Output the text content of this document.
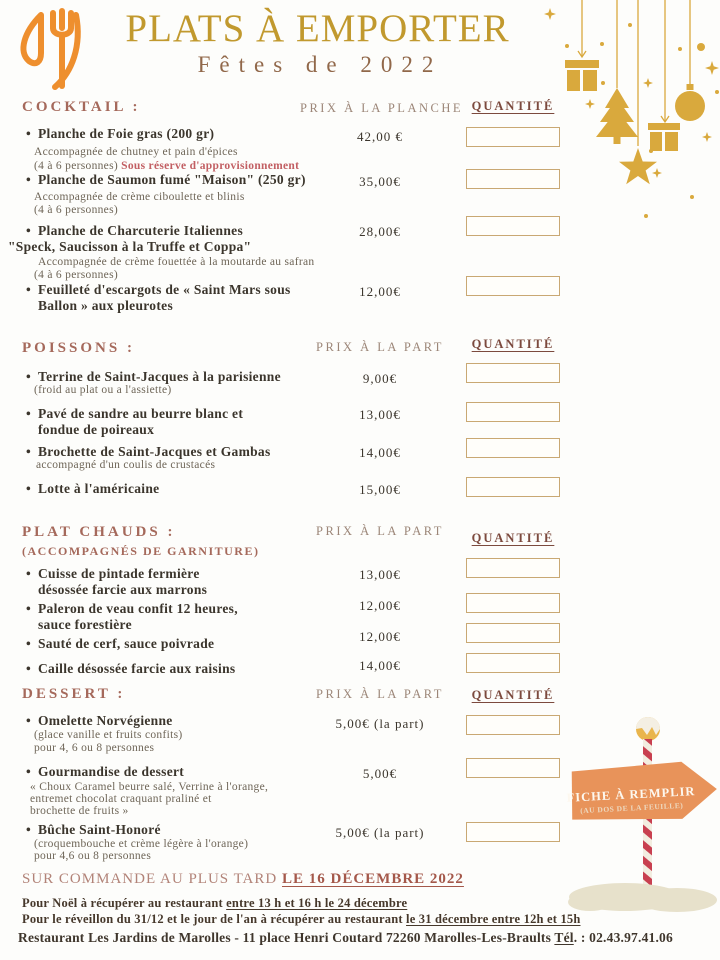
PLATS À EMPORTER
Fêtes de 2022
COCKTAIL :	PRIX À LA PLANCHE QUANTITÉ
• Planche de Foie gras (200 gr)
Accompagnée de chutney et pain d'épices
(4 à 6 personnes) Sous réserve d'approvisionnement
42,00 €
• Planche de Saumon fumé "Maison" (250 gr)
Accompagnée de crème ciboulette et blinis
(4 à 6 personnes)
35,00€
• Planche de Charcuterie Italiennes
"Speck, Saucisson à la Truffe et Coppa"
Accompagnée de crème fouettée à la moutarde au safran
(4 à 6 personnes)
28,00€
• Feuilleté d'escargots de « Saint Mars sous
Ballon » aux pleurotes
12,00€
POISSONS :	PRIX À LA PART	QUANTITÉ
• Terrine de Saint-Jacques à la parisienne
(froid au plat ou a l'assiette)
9,00€
• Pavé de sandre au beurre blanc et
fondue de poireaux
13,00€
• Brochette de Saint-Jacques et Gambas
accompagné d'un coulis de crustacés
14,00€
• Lotte à l'américaine	15,00€
PLAT CHAUDS :
(ACCOMPAGNÉS DE GARNITURE)
PRIX À LA PART	QUANTITÉ
• Cuisse de pintade fermière
désossée farcie aux marrons
13,00€
• Paleron de veau confit 12 heures,
sauce forestière
12,00€
• Sauté de cerf, sauce poivrade	12,00€
• Caille désossée farcie aux raisins	14,00€
DESSERT :	PRIX À LA PART	QUANTITÉ
• Omelette Norvégienne
(glace vanille et fruits confits)
pour 4, 6 ou 8 personnes
5,00€ (la part)
• Gourmandise de dessert
« Choux Caramel beurre salé, Verrine à l'orange,
entremet chocolat craquant praliné et
brochette de fruits »
5,00€
• Bûche Saint-Honoré
(croquembouche et crème légère à l'orange)
pour 4,6 ou 8 personnes
5,00€ (la part)
SUR COMMANDE AU PLUS TARD LE 16 DÉCEMBRE 2022
Pour Noël à récupérer au restaurant entre 13 h et 16 h le 24 décembre
Pour le réveillon du 31/12 et le jour de l'an à récupérer au restaurant le 31 décembre entre 12h et 15h
Restaurant Les Jardins de Marolles - 11 place Henri Coutard 72260 Marolles-Les-Braults Tél. : 02.43.97.41.06
FICHE À REMPLIR
(AU DOS DE LA FEUILLE)
